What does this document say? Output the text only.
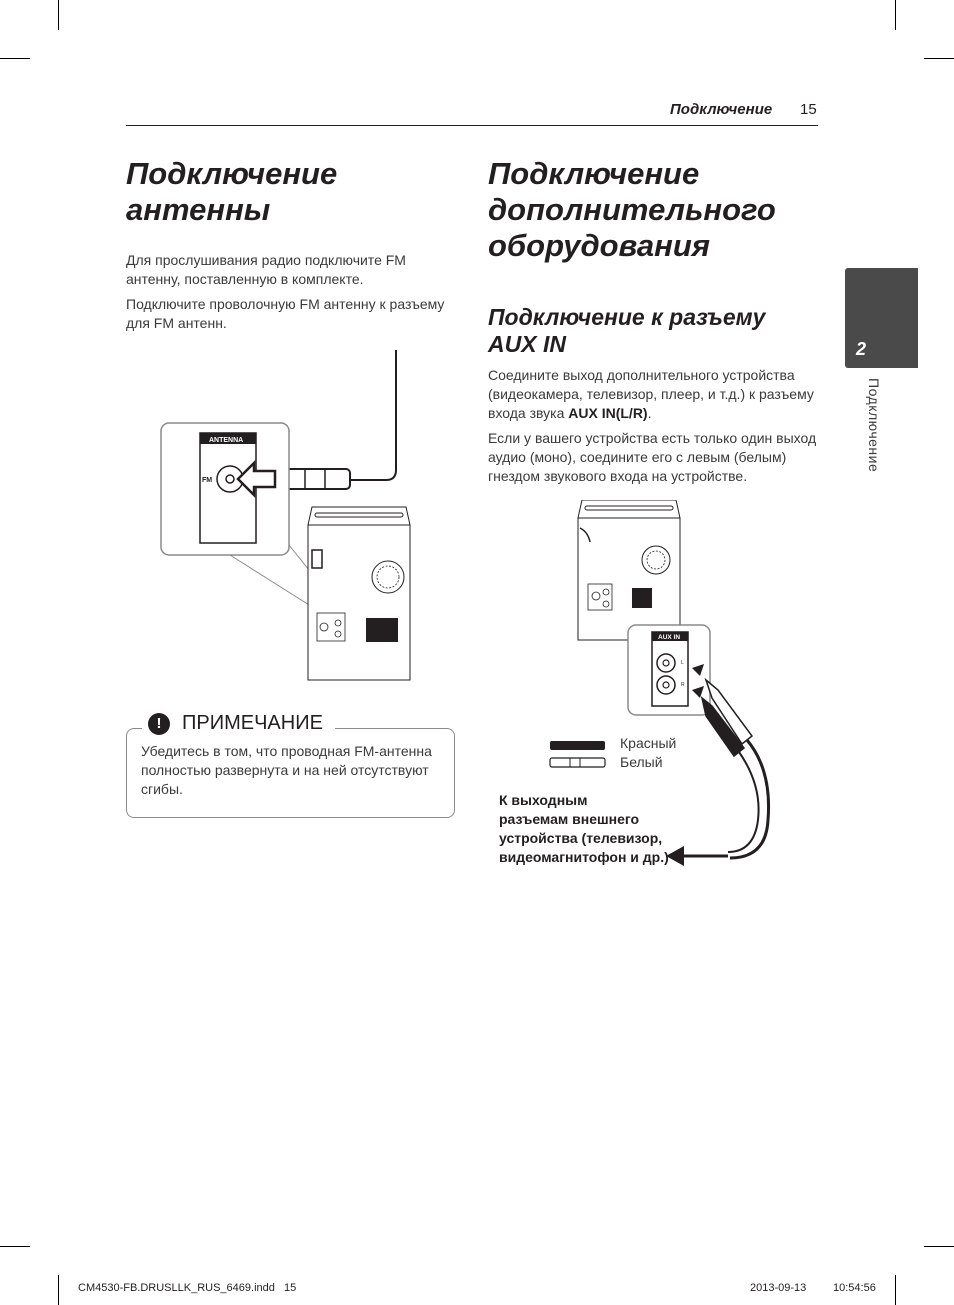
Подключение 15
2
Подключение
Подключение
антенны

Для прослушивания радио подключите FM антенну, поставленную в комплекте.

Подключите проволочную FM антенну к разъему для FM антенн.

ANTENNA
FM
!	ПРИМЕЧАНИЕ
Убедитесь в том, что проводная FM-антенна полностью развернута и на ней отсутствуют сгибы.
Подключение
дополнительного
оборудования
Подключение к разъему
AUX IN

Соедините выход дополнительного устройства (видеокамера, телевизор, плеер, и т.д.) к разъему входа звука AUX IN(L/R).

Если у вашего устройства есть только один выход аудио (моно), соедините его с левым (белым) гнездом звукового входа на устройстве.

AUX IN
L
R
Красный
Белый
К выходным
разъемам внешнего
устройства (телевизор,
видеомагнитофон и др.)
CM4530-FB.DRUSLLK_RUS_6469.indd   15	2013-09-13 10:54:56
